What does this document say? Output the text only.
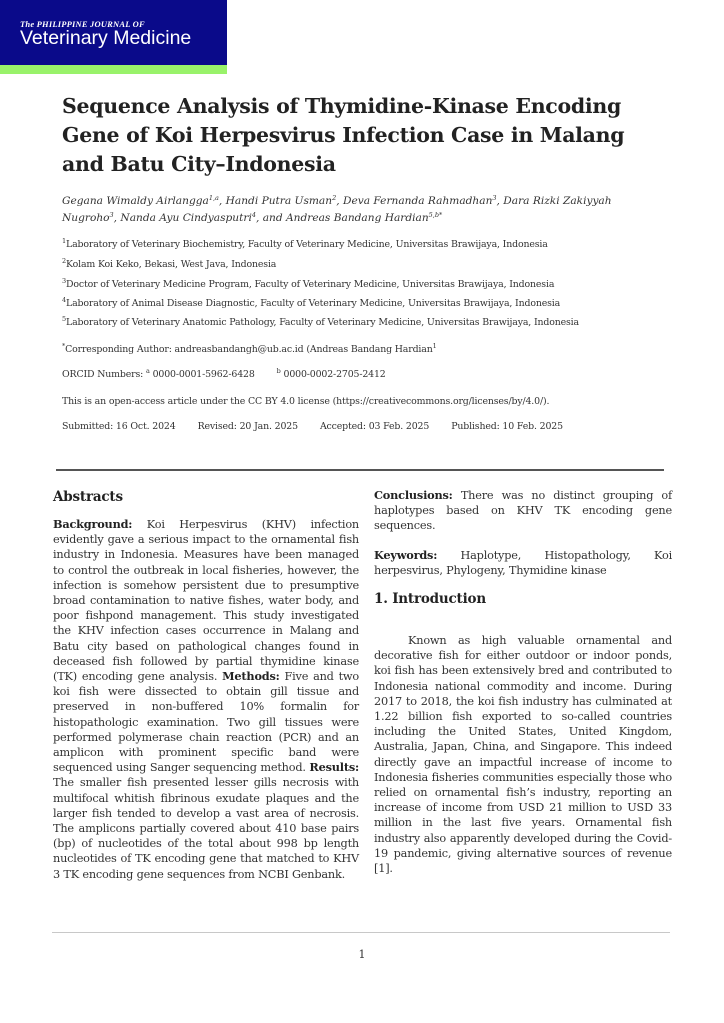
The PHILIPPINE JOURNAL OF
Veterinary Medicine
Sequence Analysis of Thymidine-Kinase Encoding Gene of Koi Herpesvirus Infection Case in Malang and Batu City–Indonesia
Gegana Wimaldy Airlangga$^{1,a}$, Handi Putra Usman$^2$, Deva Fernanda Rahmadhan$^3$, Dara Rizki Zakiyyah Nugroho$^3$, Nanda Ayu Cindyasputri$^4$, and Andreas Bandang Hardian$^{5,b*}$
$^1$Laboratory of Veterinary Biochemistry, Faculty of Veterinary Medicine, Universitas Brawijaya, Indonesia
$^2$Kolam Koi Keko, Bekasi, West Java, Indonesia
$^3$Doctor of Veterinary Medicine Program, Faculty of Veterinary Medicine, Universitas Brawijaya, Indonesia
$^4$Laboratory of Animal Disease Diagnostic, Faculty of Veterinary Medicine, Universitas Brawijaya, Indonesia
$^5$Laboratory of Veterinary Anatomic Pathology, Faculty of Veterinary Medicine, Universitas Brawijaya, Indonesia
*Corresponding Author: andreasbandangh@ub.ac.id (Andreas Bandang Hardian$^1$
ORCID Numbers: $^a$ 0000-0001-5962-6428	$^b$ 0000-0002-2705-2412
This is an open-access article under the CC BY 4.0 license (https://creativecommons.org/licenses/by/4.0/).
Submitted: 16 Oct. 2024 Revised: 20 Jan. 2025 Accepted: 03 Feb. 2025 Published: 10 Feb. 2025
Abstracts

Background: Koi Herpesvirus (KHV) infection evidently gave a serious impact to the ornamental fish industry in Indonesia. Measures have been managed to control the outbreak in local fisheries, however, the infection is somehow persistent due to presumptive broad contamination to native fishes, water body, and poor fishpond management. This study investigated the KHV infection cases occurrence in Malang and Batu city based on pathological changes found in deceased fish followed by partial thymidine kinase (TK) encoding gene analysis. Methods: Five and two koi fish were dissected to obtain gill tissue and preserved in non-buffered 10% formalin for histopathologic examination. Two gill tissues were performed polymerase chain reaction (PCR) and an amplicon with prominent specific band were sequenced using Sanger sequencing method. Results: The smaller fish presented lesser gills necrosis with multifocal whitish fibrinous exudate plaques and the larger fish tended to develop a vast area of necrosis. The amplicons partially covered about 410 base pairs (bp) of nucleotides of the total about 998 bp length nucleotides of TK encoding gene that matched to KHV 3 TK encoding gene sequences from NCBI Genbank.

Conclusions: There was no distinct grouping of haplotypes based on KHV TK encoding gene sequences.

Keywords: Haplotype, Histopathology, Koi herpesvirus, Phylogeny, Thymidine kinase

1. Introduction

Known as high valuable ornamental and decorative fish for either outdoor or indoor ponds, koi fish has been extensively bred and contributed to Indonesia national commodity and income. During 2017 to 2018, the koi fish industry has culminated at 1.22 billion fish exported to so-called countries including the United States, United Kingdom, Australia, Japan, China, and Singapore. This indeed directly gave an impactful increase of income to Indonesia fisheries communities especially those who relied on ornamental fish’s industry, reporting an increase of income from USD 21 million to USD 33 million in the last five years. Ornamental fish industry also apparently developed during the Covid-19 pandemic, giving alternative sources of revenue [1].

1
